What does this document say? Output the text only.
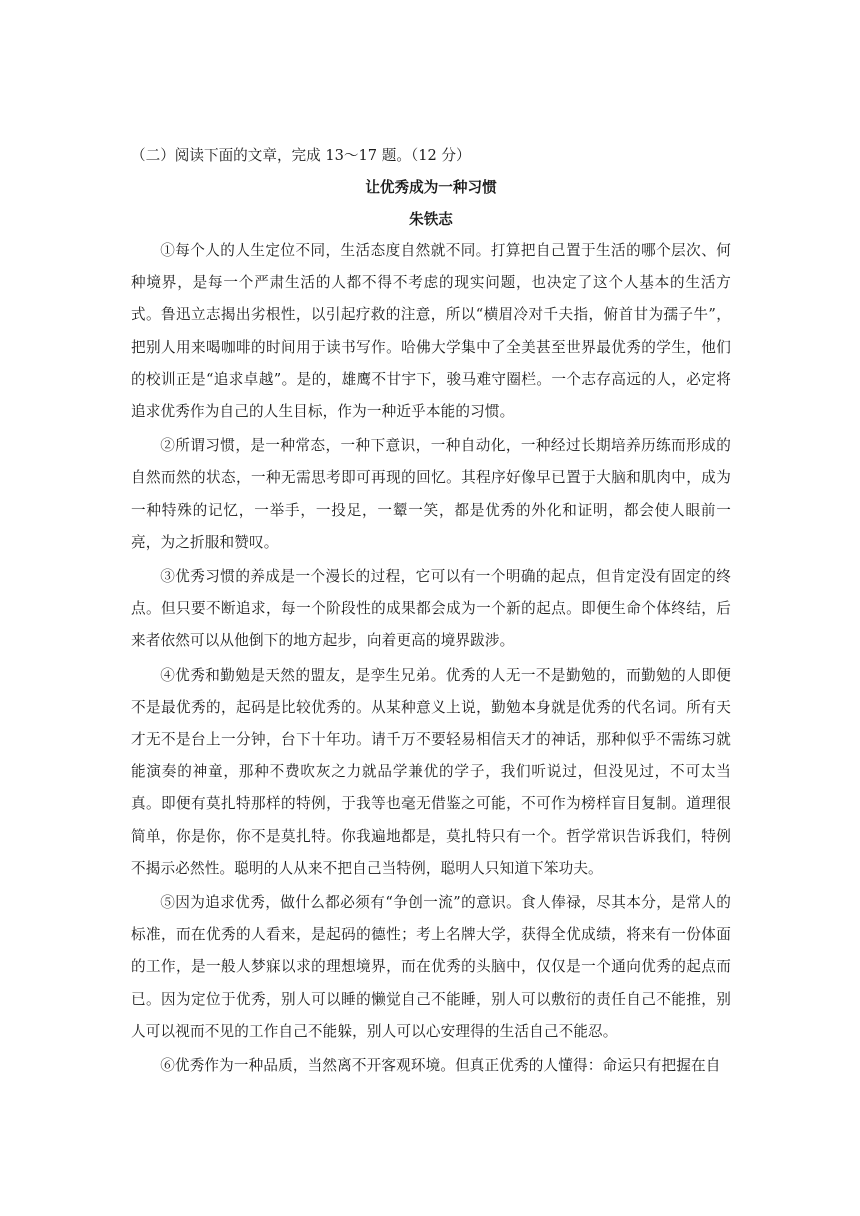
（二）阅读下面的文章，完成 13～17 题。（12 分）

让优秀成为一种习惯

朱铁志

①每个人的人生定位不同，生活态度自然就不同。打算把自己置于生活的哪个层次、何种境界，是每一个严肃生活的人都不得不考虑的现实问题，也决定了这个人基本的生活方式。鲁迅立志揭出劣根性，以引起疗救的注意，所以“横眉冷对千夫指，俯首甘为孺子牛”，把别人用来喝咖啡的时间用于读书写作。哈佛大学集中了全美甚至世界最优秀的学生，他们的校训正是“追求卓越”。是的，雄鹰不甘宇下，骏马难守圈栏。一个志存高远的人，必定将追求优秀作为自己的人生目标，作为一种近乎本能的习惯。

②所谓习惯，是一种常态，一种下意识，一种自动化，一种经过长期培养历练而形成的自然而然的状态，一种无需思考即可再现的回忆。其程序好像早已置于大脑和肌肉中，成为一种特殊的记忆，一举手，一投足，一颦一笑，都是优秀的外化和证明，都会使人眼前一亮，为之折服和赞叹。

③优秀习惯的养成是一个漫长的过程，它可以有一个明确的起点，但肯定没有固定的终点。但只要不断追求，每一个阶段性的成果都会成为一个新的起点。即便生命个体终结，后来者依然可以从他倒下的地方起步，向着更高的境界跋涉。

④优秀和勤勉是天然的盟友，是孪生兄弟。优秀的人无一不是勤勉的，而勤勉的人即便不是最优秀的，起码是比较优秀的。从某种意义上说，勤勉本身就是优秀的代名词。所有天才无不是台上一分钟，台下十年功。请千万不要轻易相信天才的神话，那种似乎不需练习就能演奏的神童，那种不费吹灰之力就品学兼优的学子，我们听说过，但没见过，不可太当真。即便有莫扎特那样的特例，于我等也毫无借鉴之可能，不可作为榜样盲目复制。道理很简单，你是你，你不是莫扎特。你我遍地都是，莫扎特只有一个。哲学常识告诉我们，特例不揭示必然性。聪明的人从来不把自己当特例，聪明人只知道下笨功夫。

⑤因为追求优秀，做什么都必须有“争创一流”的意识。食人俸禄，尽其本分，是常人的标准，而在优秀的人看来，是起码的德性；考上名牌大学，获得全优成绩，将来有一份体面的工作，是一般人梦寐以求的理想境界，而在优秀的头脑中，仅仅是一个通向优秀的起点而已。因为定位于优秀，别人可以睡的懒觉自己不能睡，别人可以敷衍的责任自己不能推，别人可以视而不见的工作自己不能躲，别人可以心安理得的生活自己不能忍。

⑥优秀作为一种品质，当然离不开客观环境。但真正优秀的人懂得：命运只有把握在自
